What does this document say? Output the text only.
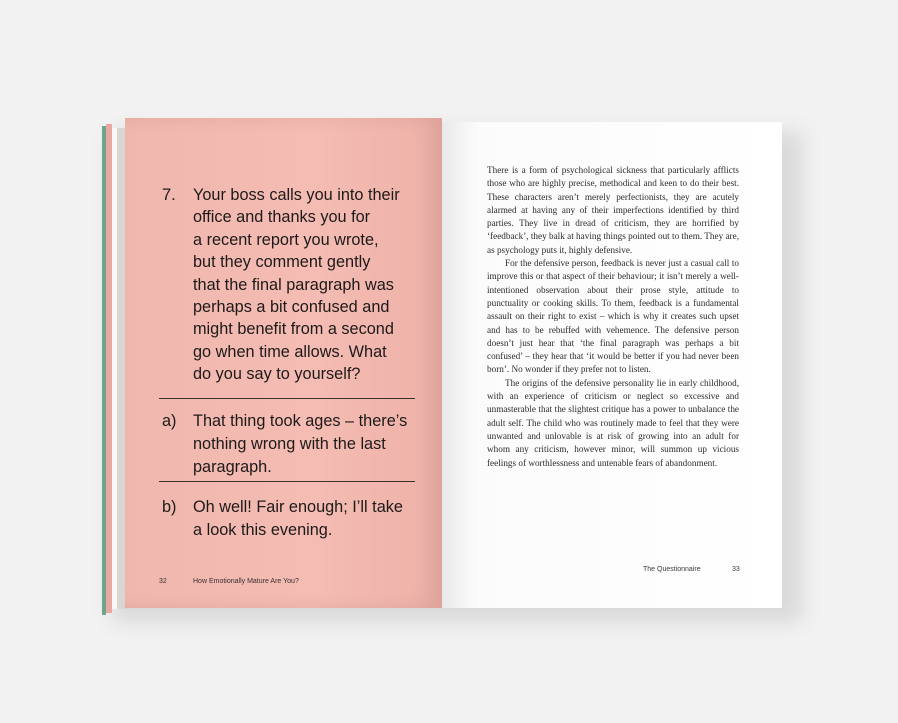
7. Your boss calls you into their
office and thanks you for
a recent report you wrote,
but they comment gently
that the final paragraph was
perhaps a bit confused and
might benefit from a second
go when time allows. What
do you say to yourself?
a) That thing took ages – there’s
nothing wrong with the last
paragraph.
b) Oh well! Fair enough; I’ll take
a look this evening.
32	How Emotionally Mature Are You?

There is a form of psychological sickness that particularly afflicts those who are highly precise, methodical and keen to do their best. These characters aren’t merely perfectionists, they are acutely alarmed at having any of their imperfections identified by third parties. They live in dread of criticism, they are horrified by ‘feedback’, they balk at having things pointed out to them. They are, as psychology puts it, highly defensive.

For the defensive person, feedback is never just a casual call to improve this or that aspect of their behaviour; it isn’t merely a well-intentioned observation about their prose style, attitude to punctuality or cooking skills. To them, feedback is a fundamental assault on their right to exist – which is why it creates such upset and has to be rebuffed with vehemence. The defensive person doesn’t just hear that ‘the final paragraph was perhaps a bit confused’ – they hear that ‘it would be better if you had never been born’. No wonder if they prefer not to listen.

The origins of the defensive personality lie in early childhood, with an experience of criticism or neglect so excessive and unmasterable that the slightest critique has a power to unbalance the adult self. The child who was routinely made to feel that they were unwanted and unlovable is at risk of growing into an adult for whom any criticism, however minor, will summon up vicious feelings of worthlessness and untenable fears of abandonment.

The Questionnaire	33
